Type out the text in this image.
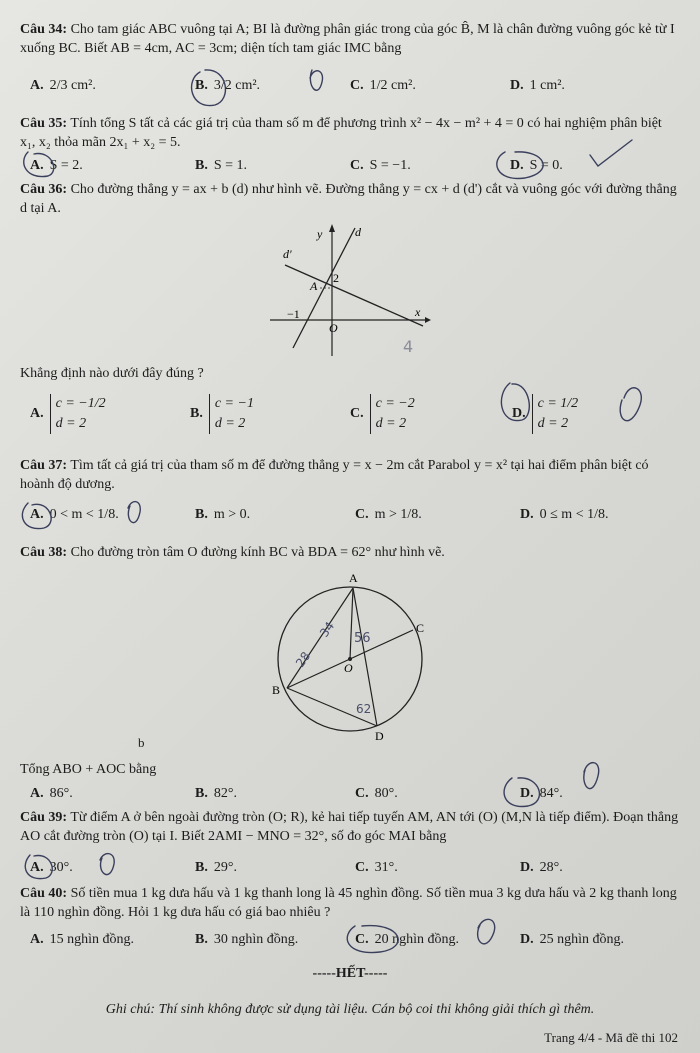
Câu 34: Cho tam giác ABC vuông tại A; BI là đường phân giác trong của góc B̂, M là chân đường vuông góc kẻ từ I xuống BC. Biết AB = 4cm, AC = 3cm; diện tích tam giác IMC bằng
A. 2/3 cm².	B. 3/2 cm².	C. 1/2 cm².	D. 1 cm².
Câu 35: Tính tổng S tất cả các giá trị của tham số m để phương trình x² − 4x − m² + 4 = 0 có hai nghiệm phân biệt x₁, x₂ thỏa mãn 2x₁ + x₂ = 5.
A. S = 2.	B. S = 1.	C. S = −1.	D. S = 0.
Câu 36: Cho đường thẳng y = ax + b (d) như hình vẽ. Đường thẳng y = cx + d (d') cắt và vuông góc với đường thẳng d tại A.
y
x
O
d
d'
A
2
−1
4
Khẳng định nào dưới đây đúng ?
A.c = −1/2
d = 2
B.c = −1
d = 2
C.c = −2
d = 2
D.c = 1/2
d = 2
Câu 37: Tìm tất cả giá trị của tham số m để đường thẳng y = x − 2m cắt Parabol y = x² tại hai điểm phân biệt có hoành độ dương.
A. 0 < m < 1/8.	B. m > 0.	C. m > 1/8.	D. 0 ≤ m < 1/8.
Câu 38: Cho đường tròn tâm O đường kính BC và BDA = 62° như hình vẽ.
A
C
B
D
O
56
62
28
34
b
Tổng ABO + AOC bằng
A. 86°.	B. 82°.	C. 80°.	D. 84°.
Câu 39: Từ điểm A ở bên ngoài đường tròn (O; R), kẻ hai tiếp tuyến AM, AN tới (O) (M,N là tiếp điểm). Đoạn thẳng AO cắt đường tròn (O) tại I. Biết 2AMI − MNO = 32°, số đo góc MAI bằng
A. 30°.	B. 29°.	C. 31°.	D. 28°.
Câu 40: Số tiền mua 1 kg dưa hấu và 1 kg thanh long là 45 nghìn đồng. Số tiền mua 3 kg dưa hấu và 2 kg thanh long là 110 nghìn đồng. Hỏi 1 kg dưa hấu có giá bao nhiêu ?
A. 15 nghìn đồng.	B. 30 nghìn đồng.	C. 20 nghìn đồng.	D. 25 nghìn đồng.
-----HẾT-----
Ghi chú: Thí sinh không được sử dụng tài liệu. Cán bộ coi thi không giải thích gì thêm.
Trang 4/4 - Mã đề thi 102
